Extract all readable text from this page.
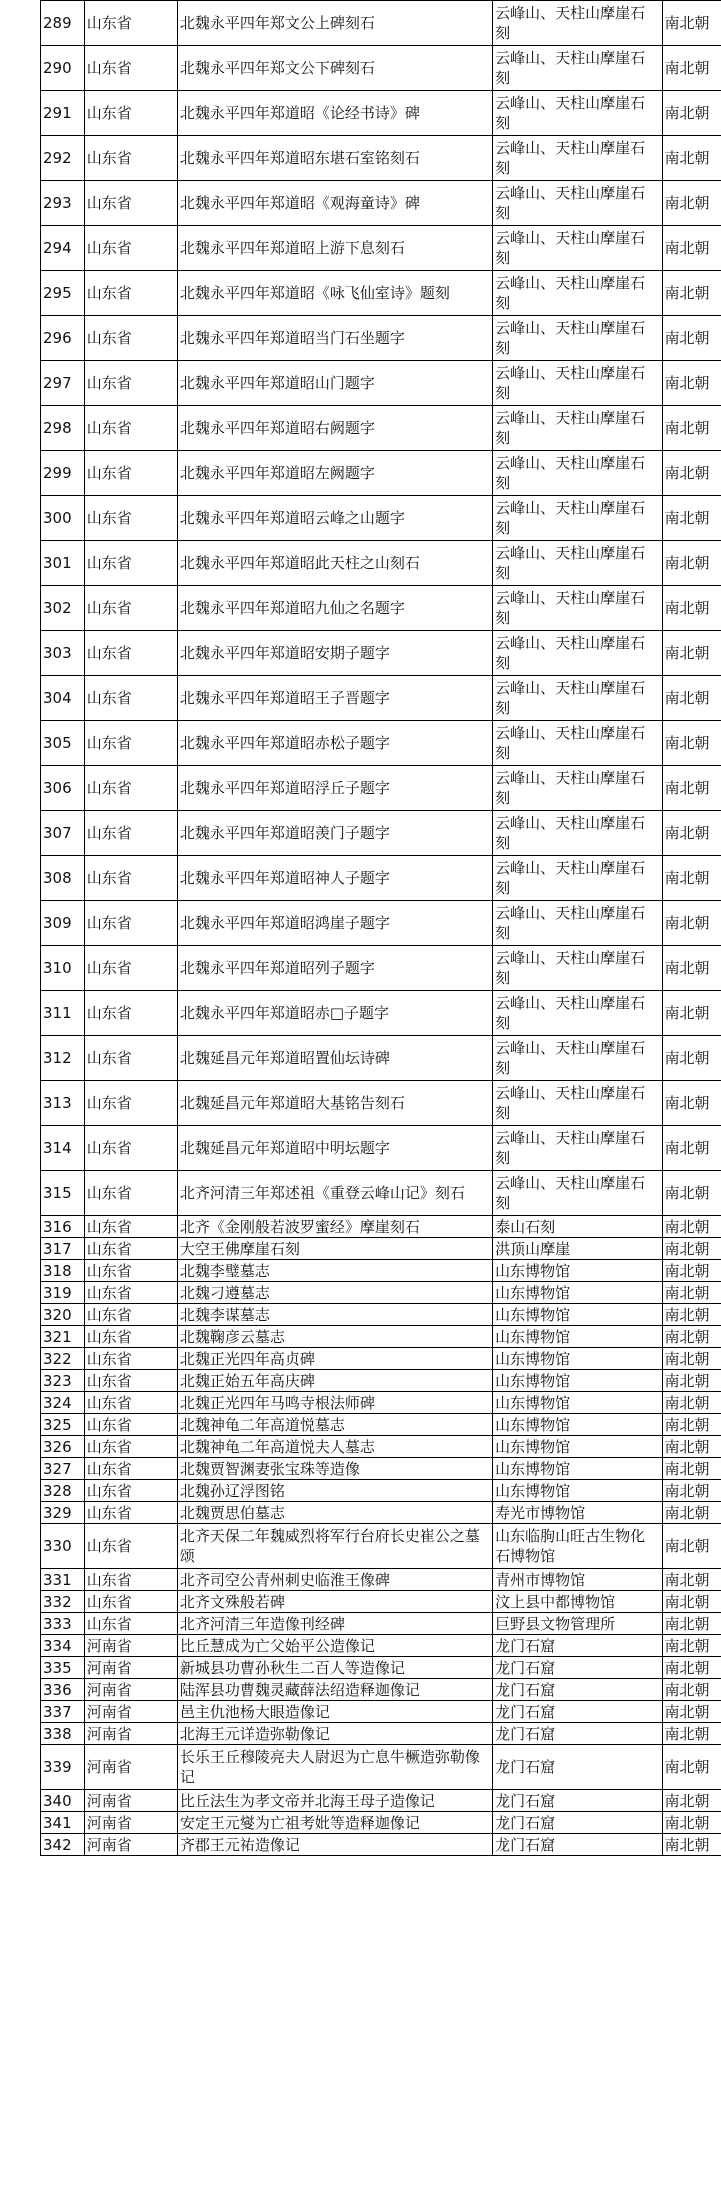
289	山东省	北魏永平四年郑文公上碑刻石	云峰山、天柱山摩崖石刻	南北朝
290	山东省	北魏永平四年郑文公下碑刻石	云峰山、天柱山摩崖石刻	南北朝
291	山东省	北魏永平四年郑道昭《论经书诗》碑	云峰山、天柱山摩崖石刻	南北朝
292	山东省	北魏永平四年郑道昭东堪石室铭刻石	云峰山、天柱山摩崖石刻	南北朝
293	山东省	北魏永平四年郑道昭《观海童诗》碑	云峰山、天柱山摩崖石刻	南北朝
294	山东省	北魏永平四年郑道昭上游下息刻石	云峰山、天柱山摩崖石刻	南北朝
295	山东省	北魏永平四年郑道昭《咏飞仙室诗》题刻	云峰山、天柱山摩崖石刻	南北朝
296	山东省	北魏永平四年郑道昭当门石坐题字	云峰山、天柱山摩崖石刻	南北朝
297	山东省	北魏永平四年郑道昭山门题字	云峰山、天柱山摩崖石刻	南北朝
298	山东省	北魏永平四年郑道昭右阙题字	云峰山、天柱山摩崖石刻	南北朝
299	山东省	北魏永平四年郑道昭左阙题字	云峰山、天柱山摩崖石刻	南北朝
300	山东省	北魏永平四年郑道昭云峰之山题字	云峰山、天柱山摩崖石刻	南北朝
301	山东省	北魏永平四年郑道昭此天柱之山刻石	云峰山、天柱山摩崖石刻	南北朝
302	山东省	北魏永平四年郑道昭九仙之名题字	云峰山、天柱山摩崖石刻	南北朝
303	山东省	北魏永平四年郑道昭安期子题字	云峰山、天柱山摩崖石刻	南北朝
304	山东省	北魏永平四年郑道昭王子晋题字	云峰山、天柱山摩崖石刻	南北朝
305	山东省	北魏永平四年郑道昭赤松子题字	云峰山、天柱山摩崖石刻	南北朝
306	山东省	北魏永平四年郑道昭浮丘子题字	云峰山、天柱山摩崖石刻	南北朝
307	山东省	北魏永平四年郑道昭羡门子题字	云峰山、天柱山摩崖石刻	南北朝
308	山东省	北魏永平四年郑道昭神人子题字	云峰山、天柱山摩崖石刻	南北朝
309	山东省	北魏永平四年郑道昭鸿崖子题字	云峰山、天柱山摩崖石刻	南北朝
310	山东省	北魏永平四年郑道昭列子题字	云峰山、天柱山摩崖石刻	南北朝
311	山东省	北魏永平四年郑道昭赤□子题字	云峰山、天柱山摩崖石刻	南北朝
312	山东省	北魏延昌元年郑道昭置仙坛诗碑	云峰山、天柱山摩崖石刻	南北朝
313	山东省	北魏延昌元年郑道昭大基铭告刻石	云峰山、天柱山摩崖石刻	南北朝
314	山东省	北魏延昌元年郑道昭中明坛题字	云峰山、天柱山摩崖石刻	南北朝
315	山东省	北齐河清三年郑述祖《重登云峰山记》刻石	云峰山、天柱山摩崖石刻	南北朝
316	山东省	北齐《金刚般若波罗蜜经》摩崖刻石	泰山石刻	南北朝
317	山东省	大空王佛摩崖石刻	洪顶山摩崖	南北朝
318	山东省	北魏李璧墓志	山东博物馆	南北朝
319	山东省	北魏刁遵墓志	山东博物馆	南北朝
320	山东省	北魏李谋墓志	山东博物馆	南北朝
321	山东省	北魏鞠彦云墓志	山东博物馆	南北朝
322	山东省	北魏正光四年高贞碑	山东博物馆	南北朝
323	山东省	北魏正始五年高庆碑	山东博物馆	南北朝
324	山东省	北魏正光四年马鸣寺根法师碑	山东博物馆	南北朝
325	山东省	北魏神龟二年高道悦墓志	山东博物馆	南北朝
326	山东省	北魏神龟二年高道悦夫人墓志	山东博物馆	南北朝
327	山东省	北魏贾智渊妻张宝珠等造像	山东博物馆	南北朝
328	山东省	北魏孙辽浮图铭	山东博物馆	南北朝
329	山东省	北魏贾思伯墓志	寿光市博物馆	南北朝
330	山东省	北齐天保二年魏威烈将军行台府长史崔公之墓颂	山东临朐山旺古生物化石博物馆	南北朝
331	山东省	北齐司空公青州刺史临淮王像碑	青州市博物馆	南北朝
332	山东省	北齐文殊般若碑	汶上县中都博物馆	南北朝
333	山东省	北齐河清三年造像刊经碑	巨野县文物管理所	南北朝
334	河南省	比丘慧成为亡父始平公造像记	龙门石窟	南北朝
335	河南省	新城县功曹孙秋生二百人等造像记	龙门石窟	南北朝
336	河南省	陆浑县功曹魏灵藏薛法绍造释迦像记	龙门石窟	南北朝
337	河南省	邑主仇池杨大眼造像记	龙门石窟	南北朝
338	河南省	北海王元详造弥勒像记	龙门石窟	南北朝
339	河南省	长乐王丘穆陵亮夫人尉迟为亡息牛橛造弥勒像记	龙门石窟	南北朝
340	河南省	比丘法生为孝文帝并北海王母子造像记	龙门石窟	南北朝
341	河南省	安定王元燮为亡祖考妣等造释迦像记	龙门石窟	南北朝
342	河南省	齐郡王元祐造像记	龙门石窟	南北朝
